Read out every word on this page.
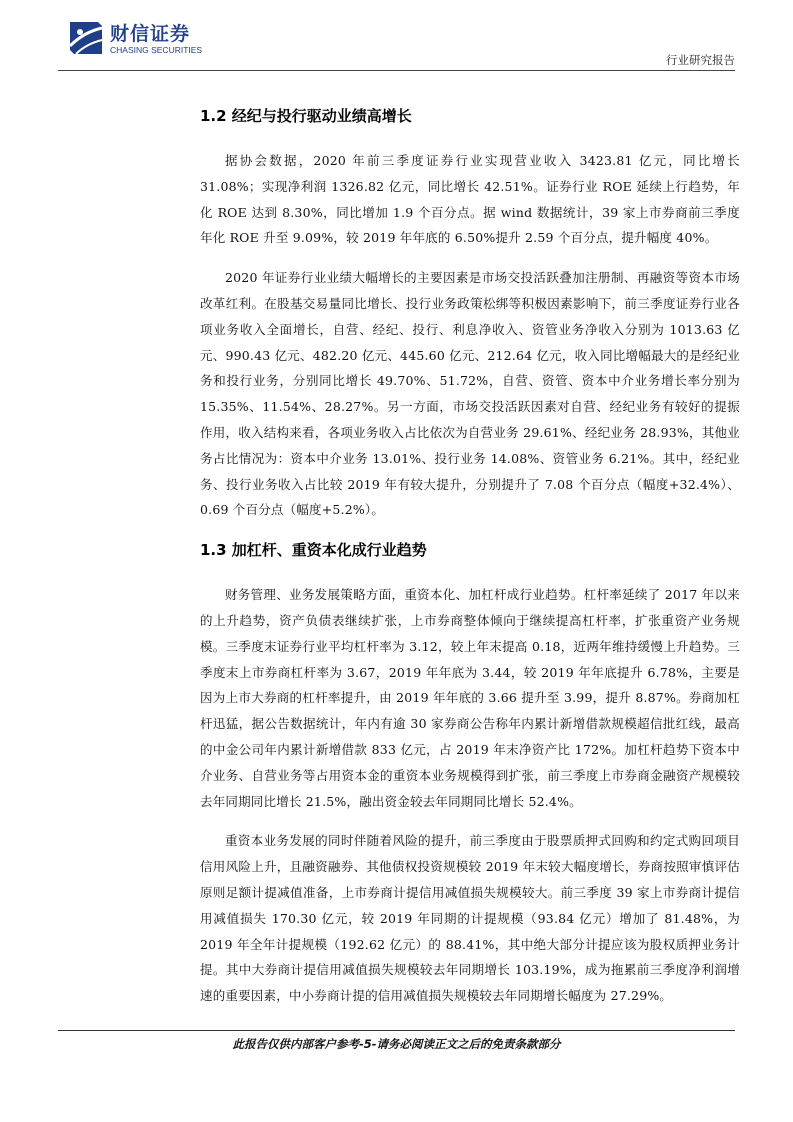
财信证券
CHASING SECURITIES
行业研究报告
1.2 经纪与投行驱动业绩高增长

据协会数据，2020 年前三季度证券行业实现营业收入 3423.81 亿元，同比增长 31.08%；实现净利润 1326.82 亿元，同比增长 42.51%。证券行业 ROE 延续上行趋势，年化 ROE 达到 8.30%，同比增加 1.9 个百分点。据 wind 数据统计，39 家上市券商前三季度年化 ROE 升至 9.09%，较 2019 年年底的 6.50%提升 2.59 个百分点，提升幅度 40%。

2020 年证券行业业绩大幅增长的主要因素是市场交投活跃叠加注册制、再融资等资本市场改革红利。在股基交易量同比增长、投行业务政策松绑等积极因素影响下，前三季度证券行业各项业务收入全面增长，自营、经纪、投行、利息净收入、资管业务净收入分别为 1013.63 亿元、990.43 亿元、482.20 亿元、445.60 亿元、212.64 亿元，收入同比增幅最大的是经纪业务和投行业务，分别同比增长 49.70%、51.72%，自营、资管、资本中介业务增长率分别为 15.35%、11.54%、28.27%。另一方面，市场交投活跃因素对自营、经纪业务有较好的提振作用，收入结构来看，各项业务收入占比依次为自营业务 29.61%、经纪业务 28.93%，其他业务占比情况为：资本中介业务 13.01%、投行业务 14.08%、资管业务 6.21%。其中，经纪业务、投行业务收入占比较 2019 年有较大提升，分别提升了 7.08 个百分点（幅度+32.4%）、0.69 个百分点（幅度+5.2%）。

1.3 加杠杆、重资本化成行业趋势

财务管理、业务发展策略方面，重资本化、加杠杆成行业趋势。杠杆率延续了 2017 年以来的上升趋势，资产负债表继续扩张，上市券商整体倾向于继续提高杠杆率，扩张重资产业务规模。三季度末证券行业平均杠杆率为 3.12，较上年末提高 0.18，近两年维持缓慢上升趋势。三季度末上市券商杠杆率为 3.67，2019 年年底为 3.44，较 2019 年年底提升 6.78%，主要是因为上市大券商的杠杆率提升，由 2019 年年底的 3.66 提升至 3.99，提升 8.87%。券商加杠杆迅猛，据公告数据统计，年内有逾 30 家券商公告称年内累计新增借款规模超信批红线，最高的中金公司年内累计新增借款 833 亿元，占 2019 年末净资产比 172%。加杠杆趋势下资本中介业务、自营业务等占用资本金的重资本业务规模得到扩张，前三季度上市券商金融资产规模较去年同期同比增长 21.5%，融出资金较去年同期同比增长 52.4%。

重资本业务发展的同时伴随着风险的提升，前三季度由于股票质押式回购和约定式购回项目信用风险上升，且融资融券、其他债权投资规模较 2019 年末较大幅度增长，券商按照审慎评估原则足额计提减值准备，上市券商计提信用减值损失规模较大。前三季度 39 家上市券商计提信用减值损失 170.30 亿元，较 2019 年同期的计提规模（93.84 亿元）增加了 81.48%，为 2019 年全年计提规模（192.62 亿元）的 88.41%，其中绝大部分计提应该为股权质押业务计提。其中大券商计提信用减值损失规模较去年同期增长 103.19%，成为拖累前三季度净利润增速的重要因素，中小券商计提的信用减值损失规模较去年同期增长幅度为 27.29%。

此报告仅供内部客户参考-5-请务必阅读正文之后的免责条款部分
